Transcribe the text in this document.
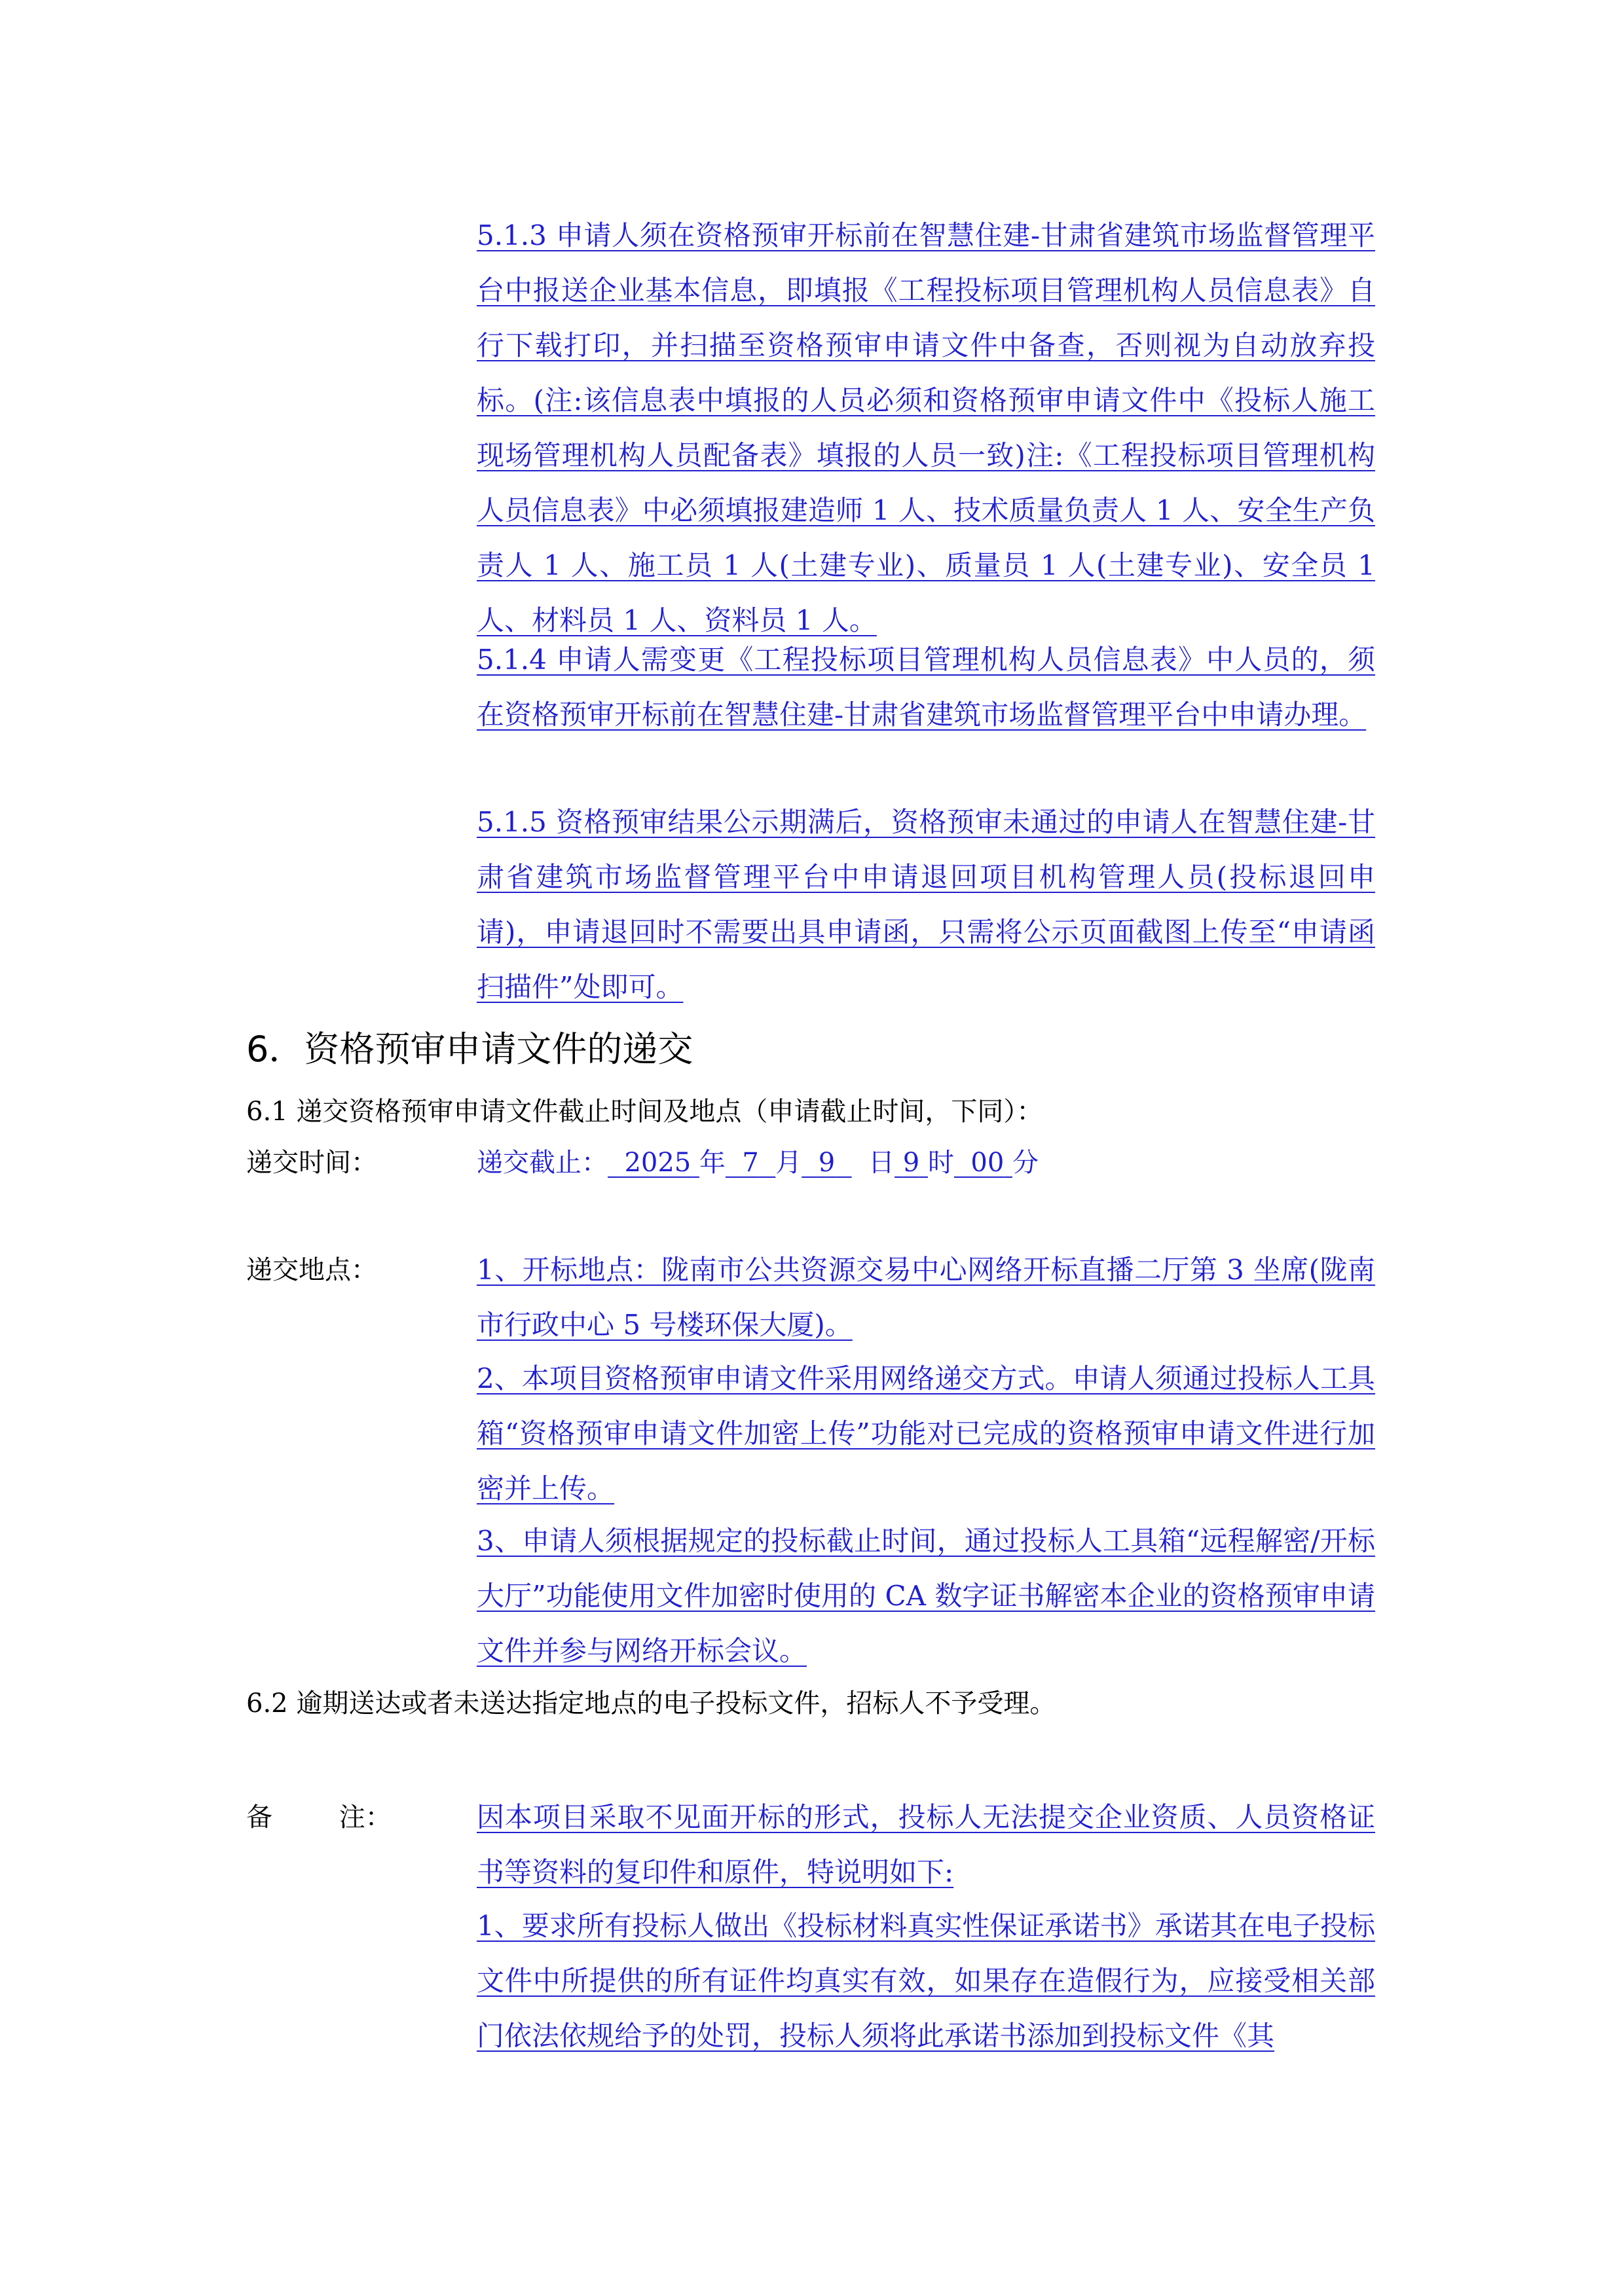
5.1.3 申请人须在资格预审开标前在智慧住建-甘肃省建筑市场监督管理平台中报送企业基本信息，即填报《工程投标项目管理机构人员信息表》自行下载打印，并扫描至资格预审申请文件中备查，否则视为自动放弃投标。(注:该信息表中填报的人员必须和资格预审申请文件中《投标人施工现场管理机构人员配备表》填报的人员一致)注:《工程投标项目管理机构人员信息表》中必须填报建造师 1 人、技术质量负责人 1 人、安全生产负责人 1 人、施工员 1 人(土建专业)、质量员 1 人(土建专业)、安全员 1 人、材料员 1 人、资料员 1 人。
5.1.4 申请人需变更《工程投标项目管理机构人员信息表》中人员的，须在资格预审开标前在智慧住建-甘肃省建筑市场监督管理平台中申请办理。
5.1.5 资格预审结果公示期满后，资格预审未通过的申请人在智慧住建-甘肃省建筑市场监督管理平台中申请退回项目机构管理人员(投标退回申请)，申请退回时不需要出具申请函，只需将公示页面截图上传至“申请函扫描件”处即可。
6．资格预审申请文件的递交
6.1 递交资格预审申请文件截止时间及地点（申请截止时间，下同）：
递交时间：	递交截止： 2025 年 7 月 9 日 9 时 00 分
递交地点：	1、开标地点：陇南市公共资源交易中心网络开标直播二厅第 3 坐席(陇南市行政中心 5 号楼环保大厦)。
2、本项目资格预审申请文件采用网络递交方式。申请人须通过投标人工具箱“资格预审申请文件加密上传”功能对已完成的资格预审申请文件进行加密并上传。
3、申请人须根据规定的投标截止时间，通过投标人工具箱“远程解密/开标大厅”功能使用文件加密时使用的 CA 数字证书解密本企业的资格预审申请文件并参与网络开标会议。
6.2 逾期送达或者未送达指定地点的电子投标文件，招标人不予受理。
备        注：	因本项目采取不见面开标的形式，投标人无法提交企业资质、人员资格证书等资料的复印件和原件，特说明如下:
1、要求所有投标人做出《投标材料真实性保证承诺书》承诺其在电子投标文件中所提供的所有证件均真实有效，如果存在造假行为，应接受相关部门依法依规给予的处罚，投标人须将此承诺书添加到投标文件《其
